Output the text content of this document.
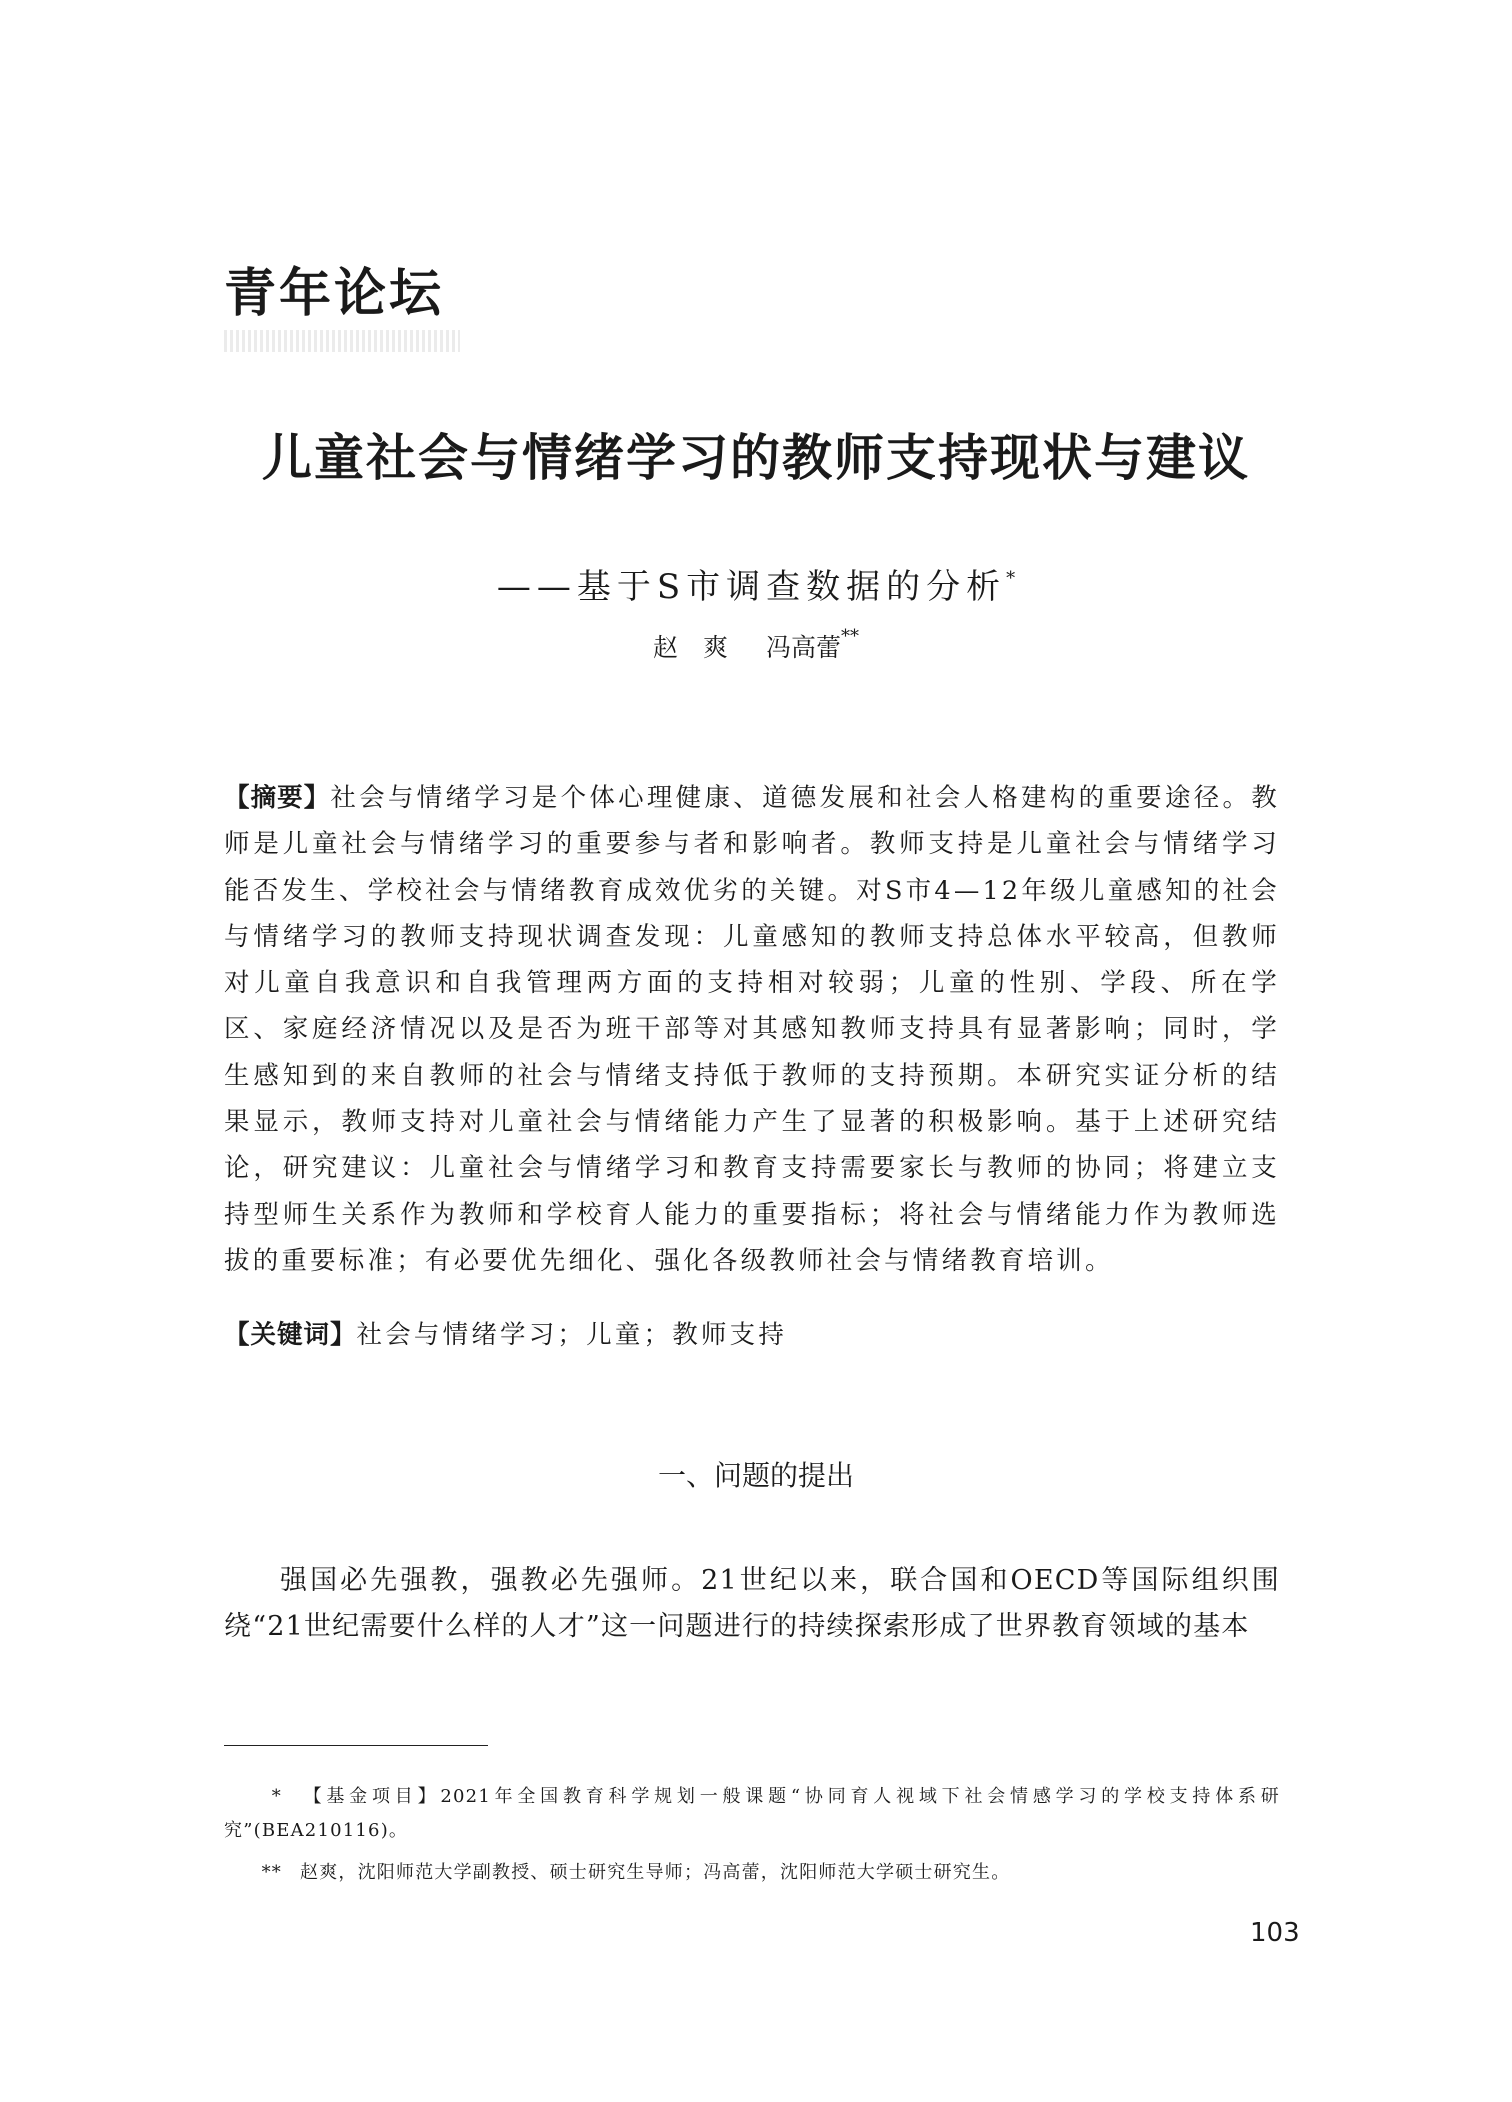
青年论坛
儿童社会与情绪学习的教师支持现状与建议
——基于S市调查数据的分析*
赵　爽 冯高蕾**
【摘要】社会与情绪学习是个体心理健康、道德发展和社会人格建构的重要途径。教师是儿童社会与情绪学习的重要参与者和影响者。教师支持是儿童社会与情绪学习能否发生、学校社会与情绪教育成效优劣的关键。对S市4—12年级儿童感知的社会与情绪学习的教师支持现状调查发现：儿童感知的教师支持总体水平较高，但教师对儿童自我意识和自我管理两方面的支持相对较弱；儿童的性别、学段、所在学区、家庭经济情况以及是否为班干部等对其感知教师支持具有显著影响；同时，学生感知到的来自教师的社会与情绪支持低于教师的支持预期。本研究实证分析的结果显示，教师支持对儿童社会与情绪能力产生了显著的积极影响。基于上述研究结论，研究建议：儿童社会与情绪学习和教育支持需要家长与教师的协同；将建立支持型师生关系作为教师和学校育人能力的重要指标；将社会与情绪能力作为教师选拔的重要标准；有必要优先细化、强化各级教师社会与情绪教育培训。
【关键词】社会与情绪学习；儿童；教师支持
一、问题的提出

强国必先强教，强教必先强师。21世纪以来，联合国和OECD等国际组织围绕“21世纪需要什么样的人才”这一问题进行的持续探索形成了世界教育领域的基本

* 【基金项目】2021年全国教育科学规划一般课题“协同育人视域下社会情感学习的学校支持体系研究”(BEA210116)。

** 赵爽，沈阳师范大学副教授、硕士研究生导师；冯高蕾，沈阳师范大学硕士研究生。

103
